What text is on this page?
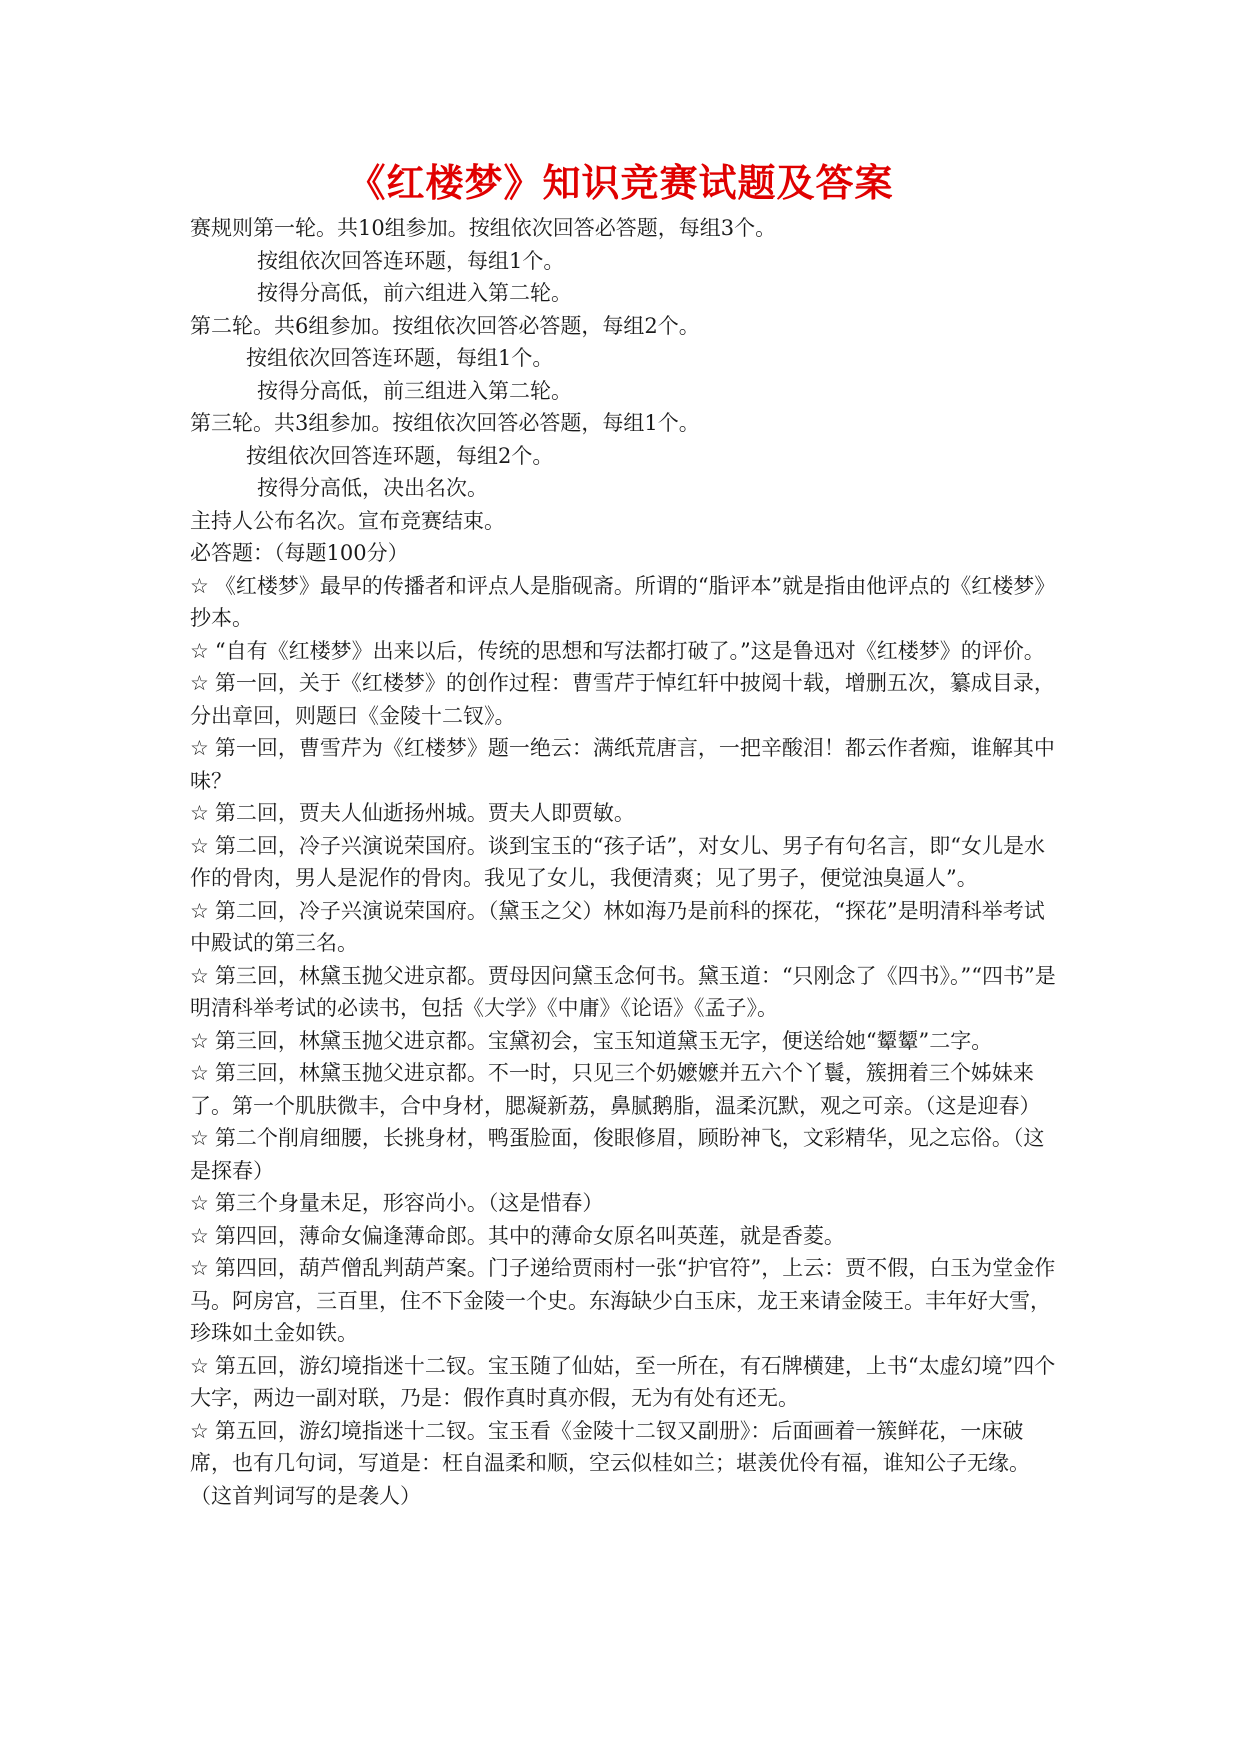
《红楼梦》知识竞赛试题及答案
赛规则第一轮。共10组参加。按组依次回答必答题，每组3个。
按组依次回答连环题，每组1个。
按得分高低，前六组进入第二轮。
第二轮。共6组参加。按组依次回答必答题，每组2个。
按组依次回答连环题，每组1个。
按得分高低，前三组进入第二轮。
第三轮。共3组参加。按组依次回答必答题，每组1个。
按组依次回答连环题，每组2个。
按得分高低，决出名次。
主持人公布名次。宣布竞赛结束。
必答题：（每题100分）

☆ 《红楼梦》最早的传播者和评点人是脂砚斋。所谓的“脂评本”就是指由他评点的《红楼梦》抄本。

☆ “自有《红楼梦》出来以后，传统的思想和写法都打破了。”这是鲁迅对《红楼梦》的评价。

☆ 第一回，关于《红楼梦》的创作过程：曹雪芹于悼红轩中披阅十载，增删五次，纂成目录，分出章回，则题曰《金陵十二钗》。

☆ 第一回，曹雪芹为《红楼梦》题一绝云：满纸荒唐言，一把辛酸泪！都云作者痴，谁解其中味？

☆ 第二回，贾夫人仙逝扬州城。贾夫人即贾敏。

☆ 第二回，冷子兴演说荣国府。谈到宝玉的“孩子话”，对女儿、男子有句名言，即“女儿是水作的骨肉，男人是泥作的骨肉。我见了女儿，我便清爽；见了男子，便觉浊臭逼人”。

☆ 第二回，冷子兴演说荣国府。（黛玉之父）林如海乃是前科的探花，“探花”是明清科举考试中殿试的第三名。

☆ 第三回，林黛玉抛父进京都。贾母因问黛玉念何书。黛玉道：“只刚念了《四书》。”“四书”是明清科举考试的必读书，包括《大学》《中庸》《论语》《孟子》。

☆ 第三回，林黛玉抛父进京都。宝黛初会，宝玉知道黛玉无字，便送给她“颦颦”二字。

☆ 第三回，林黛玉抛父进京都。不一时，只见三个奶嬷嬷并五六个丫鬟，簇拥着三个姊妹来了。第一个肌肤微丰，合中身材，腮凝新荔，鼻腻鹅脂，温柔沉默，观之可亲。（这是迎春）

☆ 第二个削肩细腰，长挑身材，鸭蛋脸面，俊眼修眉，顾盼神飞，文彩精华，见之忘俗。（这是探春）

☆ 第三个身量未足，形容尚小。（这是惜春）

☆ 第四回，薄命女偏逢薄命郎。其中的薄命女原名叫英莲，就是香菱。

☆ 第四回，葫芦僧乱判葫芦案。门子递给贾雨村一张“护官符”，上云：贾不假，白玉为堂金作马。阿房宫，三百里，住不下金陵一个史。东海缺少白玉床，龙王来请金陵王。丰年好大雪，珍珠如土金如铁。

☆ 第五回，游幻境指迷十二钗。宝玉随了仙姑，至一所在，有石牌横建，上书“太虚幻境”四个大字，两边一副对联，乃是：假作真时真亦假，无为有处有还无。

☆ 第五回，游幻境指迷十二钗。宝玉看《金陵十二钗又副册》：后面画着一簇鲜花，一床破席，也有几句词，写道是：枉自温柔和顺，空云似桂如兰；堪羡优伶有福，谁知公子无缘。（这首判词写的是袭人）
